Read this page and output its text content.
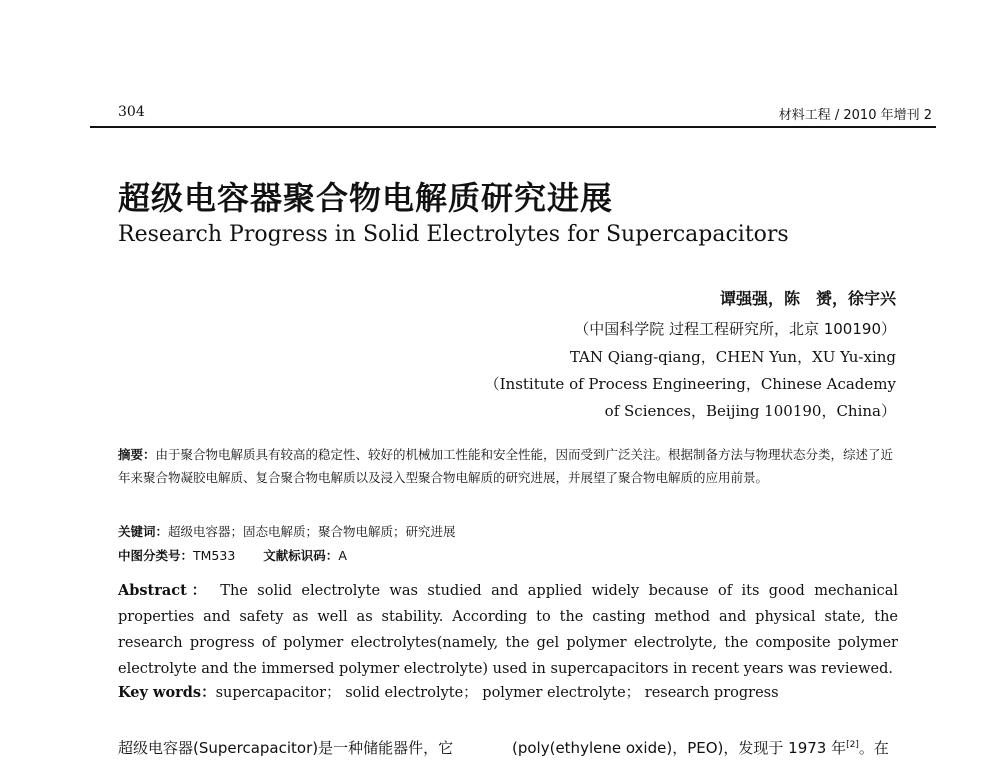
304	材料工程 / 2010 年增刊 2
超级电容器聚合物电解质研究进展
Research Progress in Solid Electrolytes for Supercapacitors
谭强强，陈　赟，徐宇兴
（中国科学院 过程工程研究所，北京 100190）
TAN Qiang-qiang，CHEN Yun，XU Yu-xing
（Institute of Process Engineering，Chinese Academy
of Sciences，Beijing 100190，China）
摘要：由于聚合物电解质具有较高的稳定性、较好的机械加工性能和安全性能，因而受到广泛关注。根据制备方法与物理状态分类，综述了近年来聚合物凝胶电解质、复合聚合物电解质以及浸入型聚合物电解质的研究进展，并展望了聚合物电解质的应用前景。
关键词：超级电容器；固态电解质；聚合物电解质；研究进展
中图分类号：TM533 文献标识码：A
Abstract： The solid electrolyte was studied and applied widely because of its good mechanical properties and safety as well as stability. According to the casting method and physical state, the research progress of polymer electrolytes(namely, the gel polymer electrolyte, the composite polymer electrolyte and the immersed polymer electrolyte) used in supercapacitors in recent years was reviewed.
Key words：supercapacitor； solid electrolyte； polymer electrolyte； research progress
超级电容器(Supercapacitor)是一种储能器件，它	(poly(ethylene oxide)，PEO)，发现于 1973 年[2]。在
